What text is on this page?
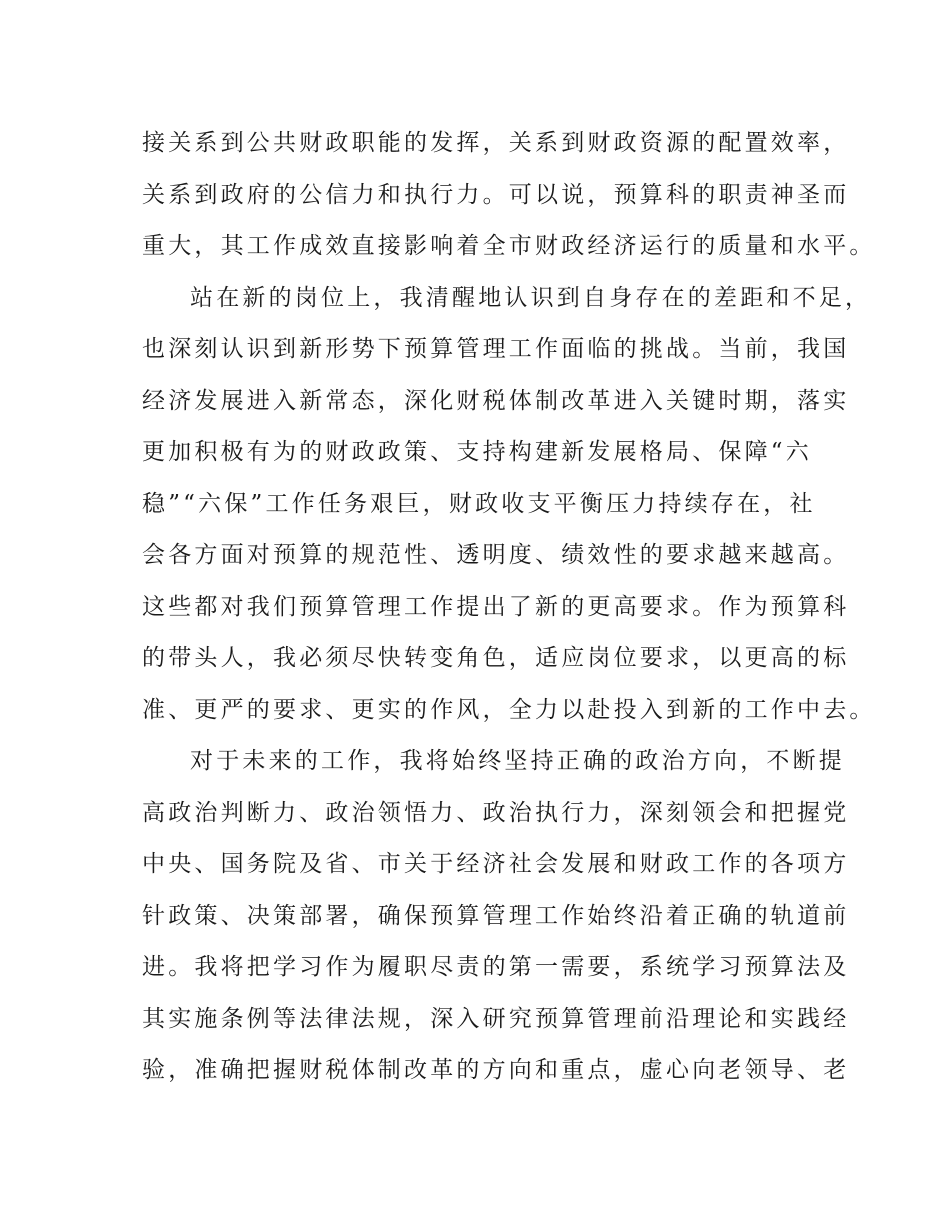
接关系到公共财政职能的发挥，关系到财政资源的配置效率，
关系到政府的公信力和执行力。可以说，预算科的职责神圣而
重大，其工作成效直接影响着全市财政经济运行的质量和水平。
站在新的岗位上，我清醒地认识到自身存在的差距和不足，
也深刻认识到新形势下预算管理工作面临的挑战。当前，我国
经济发展进入新常态，深化财税体制改革进入关键时期，落实
更加积极有为的财政政策、支持构建新发展格局、保障“六
稳”“六保”工作任务艰巨，财政收支平衡压力持续存在，社
会各方面对预算的规范性、透明度、绩效性的要求越来越高。
这些都对我们预算管理工作提出了新的更高要求。作为预算科
的带头人，我必须尽快转变角色，适应岗位要求，以更高的标
准、更严的要求、更实的作风，全力以赴投入到新的工作中去。
对于未来的工作，我将始终坚持正确的政治方向，不断提
高政治判断力、政治领悟力、政治执行力，深刻领会和把握党
中央、国务院及省、市关于经济社会发展和财政工作的各项方
针政策、决策部署，确保预算管理工作始终沿着正确的轨道前
进。我将把学习作为履职尽责的第一需要，系统学习预算法及
其实施条例等法律法规，深入研究预算管理前沿理论和实践经
验，准确把握财税体制改革的方向和重点，虚心向老领导、老
